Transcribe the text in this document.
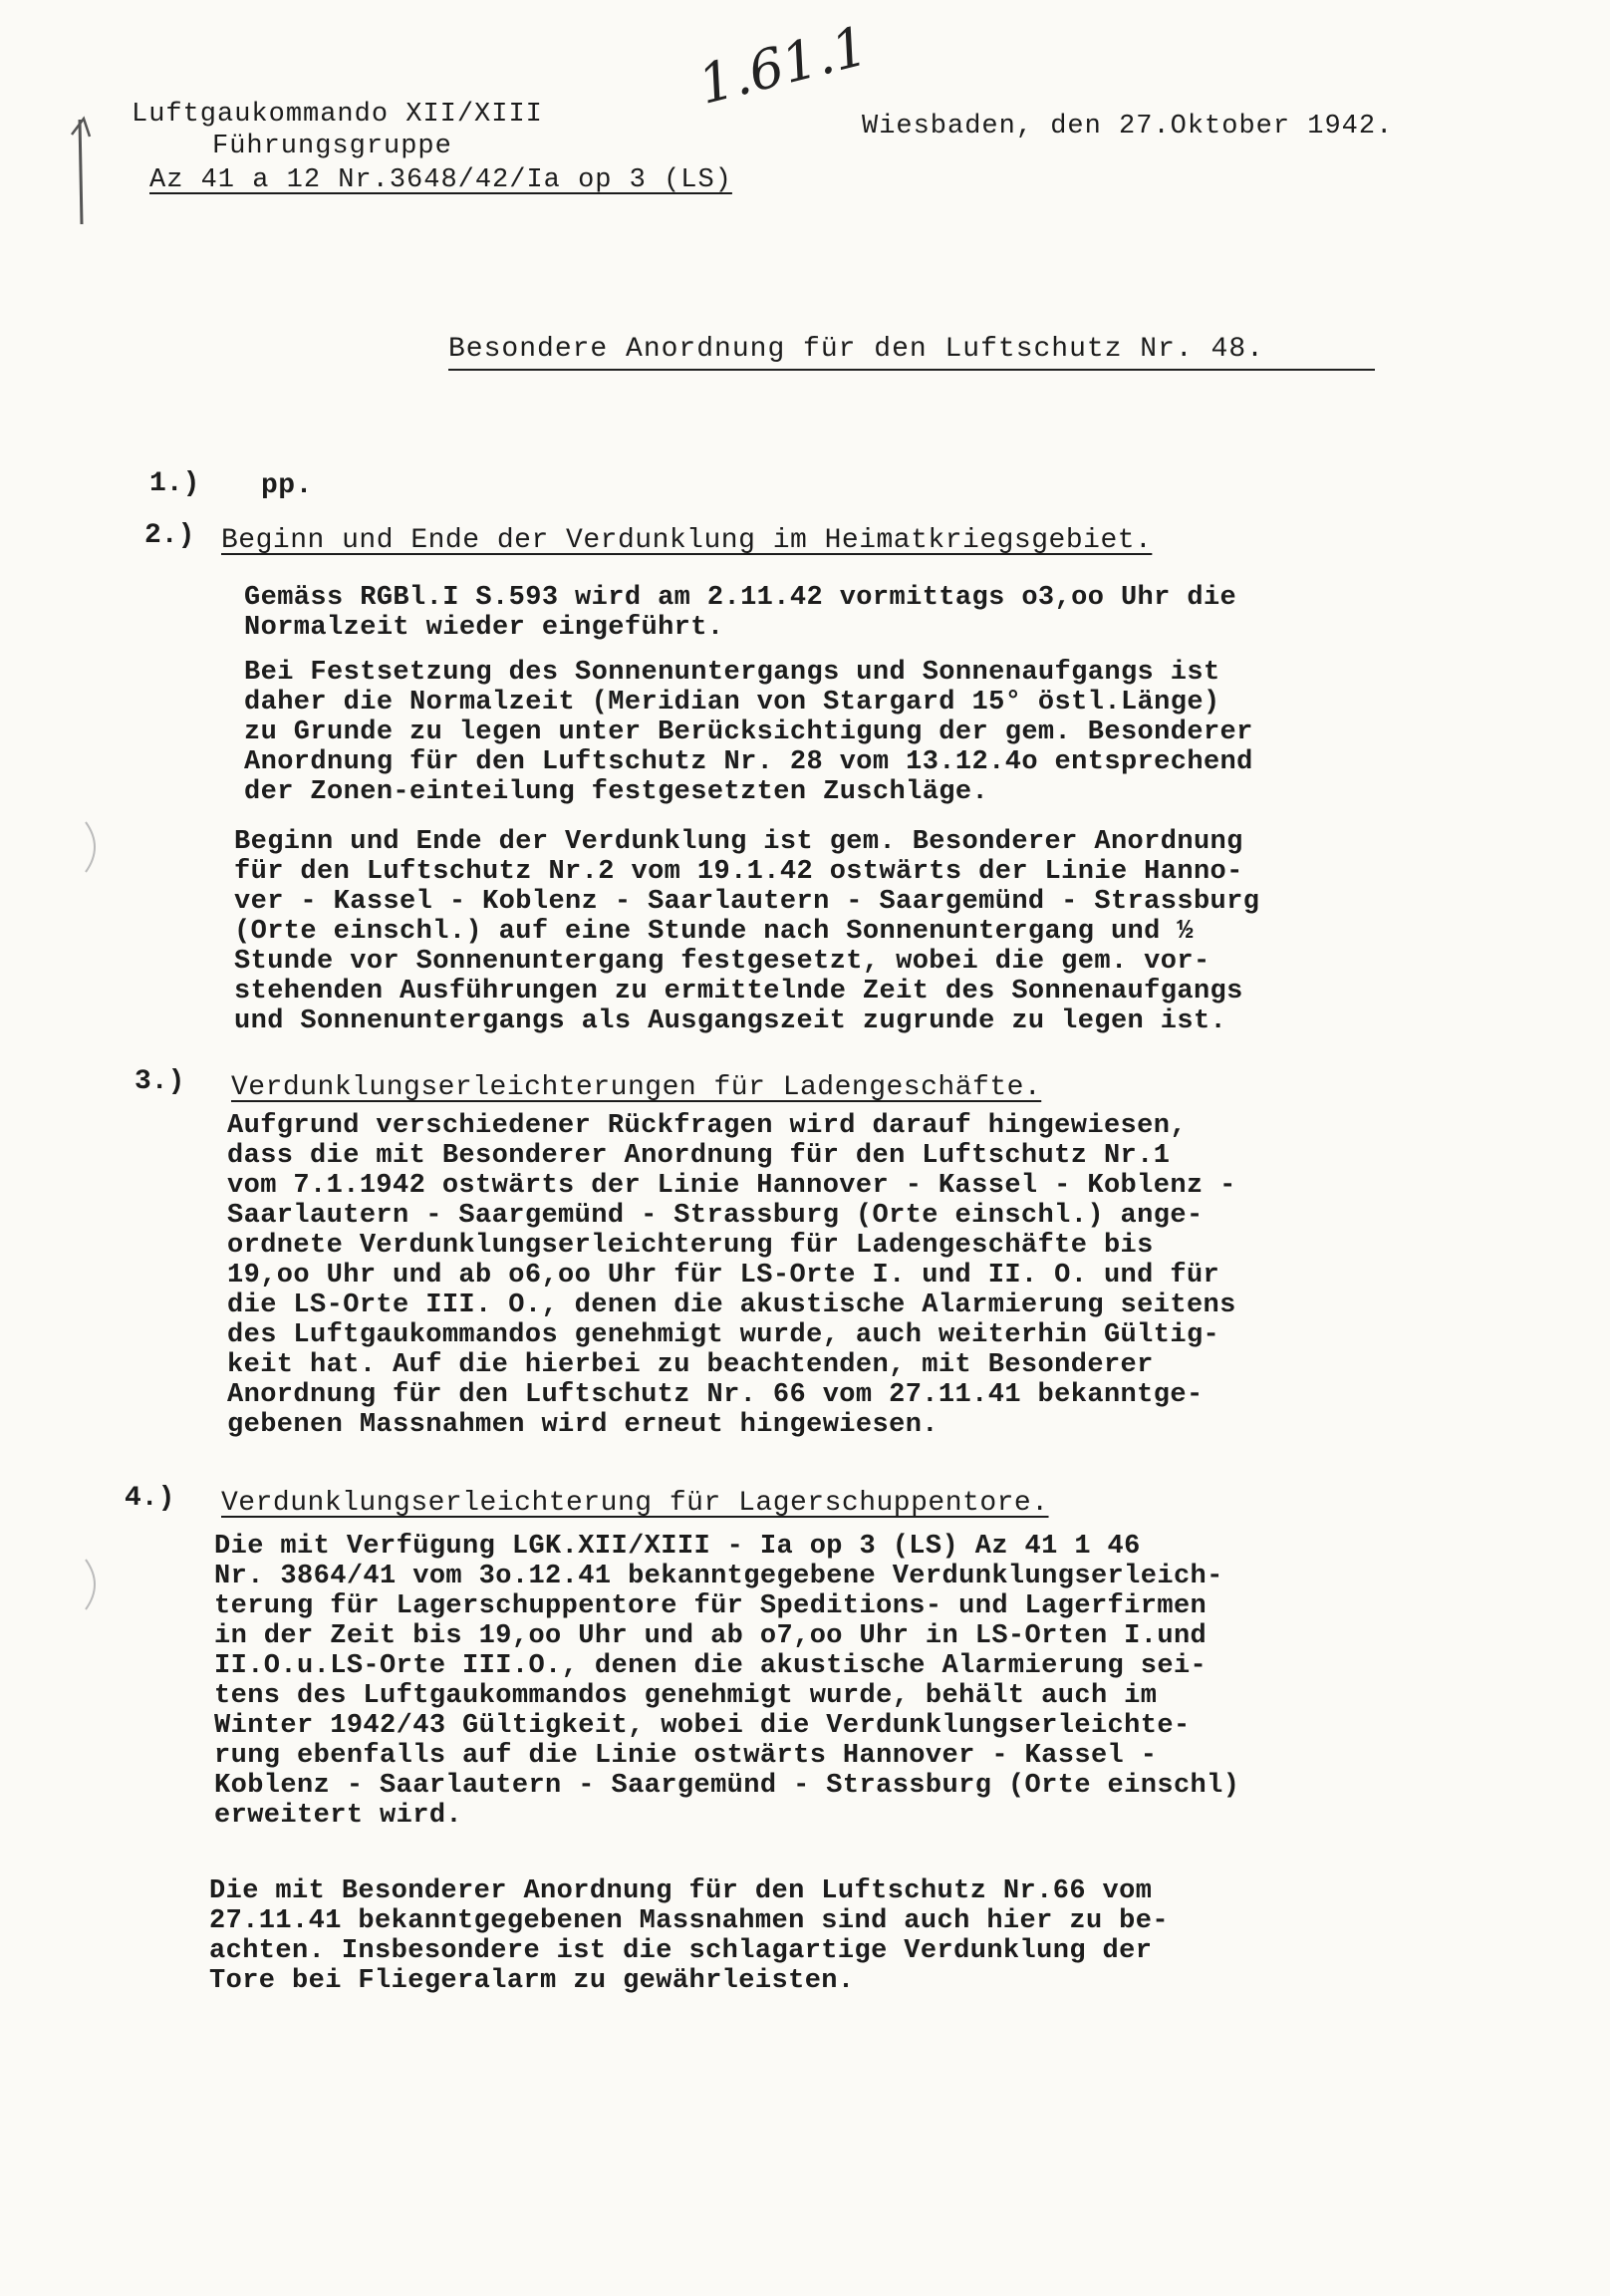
Luftgaukommando XII/XIII
Führungsgruppe
Az 41 a 12 Nr.3648/42/Ia op 3 (LS)
Wiesbaden, den 27.Oktober 1942.
1.61.1
Besondere Anordnung für den Luftschutz Nr. 48.
1.) pp.
2.) Beginn und Ende der Verdunklung im Heimatkriegsgebiet.
Gemäss RGBl.I S.593 wird am 2.11.42 vormittags o3,oo Uhr die
Normalzeit wieder eingeführt.
Bei Festsetzung des Sonnenuntergangs und Sonnenaufgangs ist
daher die Normalzeit (Meridian von Stargard 15° östl.Länge)
zu Grunde zu legen unter Berücksichtigung der gem. Besonderer
Anordnung für den Luftschutz Nr. 28 vom 13.12.4o entsprechend
der Zonen-einteilung festgesetzten Zuschläge.
Beginn und Ende der Verdunklung ist gem. Besonderer Anordnung
für den Luftschutz Nr.2 vom 19.1.42 ostwärts der Linie Hanno-
ver - Kassel - Koblenz - Saarlautern - Saargemünd - Strassburg
(Orte einschl.) auf eine Stunde nach Sonnenuntergang und ½
Stunde vor Sonnenuntergang festgesetzt, wobei die gem. vor-
stehenden Ausführungen zu ermittelnde Zeit des Sonnenaufgangs
und Sonnenuntergangs als Ausgangszeit zugrunde zu legen ist.
3.) Verdunklungserleichterungen für Ladengeschäfte.
Aufgrund verschiedener Rückfragen wird darauf hingewiesen,
dass die mit Besonderer Anordnung für den Luftschutz Nr.1
vom 7.1.1942 ostwärts der Linie Hannover - Kassel - Koblenz -
Saarlautern - Saargemünd - Strassburg (Orte einschl.) ange-
ordnete Verdunklungserleichterung für Ladengeschäfte bis
19,oo Uhr und ab o6,oo Uhr für LS-Orte I. und II. O. und für
die LS-Orte III. O., denen die akustische Alarmierung seitens
des Luftgaukommandos genehmigt wurde, auch weiterhin Gültig-
keit hat. Auf die hierbei zu beachtenden, mit Besonderer
Anordnung für den Luftschutz Nr. 66 vom 27.11.41 bekanntge-
gebenen Massnahmen wird erneut hingewiesen.
4.) Verdunklungserleichterung für Lagerschuppentore.
Die mit Verfügung LGK.XII/XIII - Ia op 3 (LS) Az 41 1 46
Nr. 3864/41 vom 3o.12.41 bekanntgegebene Verdunklungserleich-
terung für Lagerschuppentore für Speditions- und Lagerfirmen
in der Zeit bis 19,oo Uhr und ab o7,oo Uhr in LS-Orten I.und
II.O.u.LS-Orte III.O., denen die akustische Alarmierung sei-
tens des Luftgaukommandos genehmigt wurde, behält auch im
Winter 1942/43 Gültigkeit, wobei die Verdunklungserleichte-
rung ebenfalls auf die Linie ostwärts Hannover - Kassel -
Koblenz - Saarlautern - Saargemünd - Strassburg (Orte einschl)
erweitert wird.
Die mit Besonderer Anordnung für den Luftschutz Nr.66 vom
27.11.41 bekanntgegebenen Massnahmen sind auch hier zu be-
achten. Insbesondere ist die schlagartige Verdunklung der
Tore bei Fliegeralarm zu gewährleisten.
